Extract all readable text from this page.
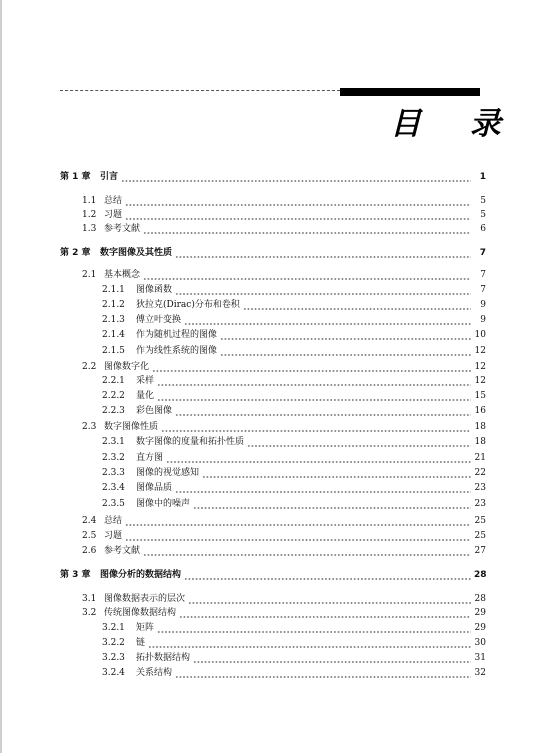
目 录
第 1 章	引言	1
1.1 总结	5
1.2 习题	5
1.3 参考文献	6
第 2 章	数字图像及其性质	7
2.1 基本概念	7
2.1.1	图像函数	7
2.1.2	狄拉克(Dirac)分布和卷积	9
2.1.3	傅立叶变换	9
2.1.4	作为随机过程的图像	10
2.1.5	作为线性系统的图像	12
2.2 图像数字化	12
2.2.1	采样	12
2.2.2	量化	15
2.2.3	彩色图像	16
2.3 数字图像性质	18
2.3.1	数字图像的度量和拓扑性质	18
2.3.2	直方图	21
2.3.3	图像的视觉感知	22
2.3.4	图像品质	23
2.3.5	图像中的噪声	23
2.4 总结	25
2.5 习题	25
2.6 参考文献	27
第 3 章	图像分析的数据结构	28
3.1 图像数据表示的层次	28
3.2 传统图像数据结构	29
3.2.1	矩阵	29
3.2.2	链	30
3.2.3	拓扑数据结构	31
3.2.4	关系结构	32
